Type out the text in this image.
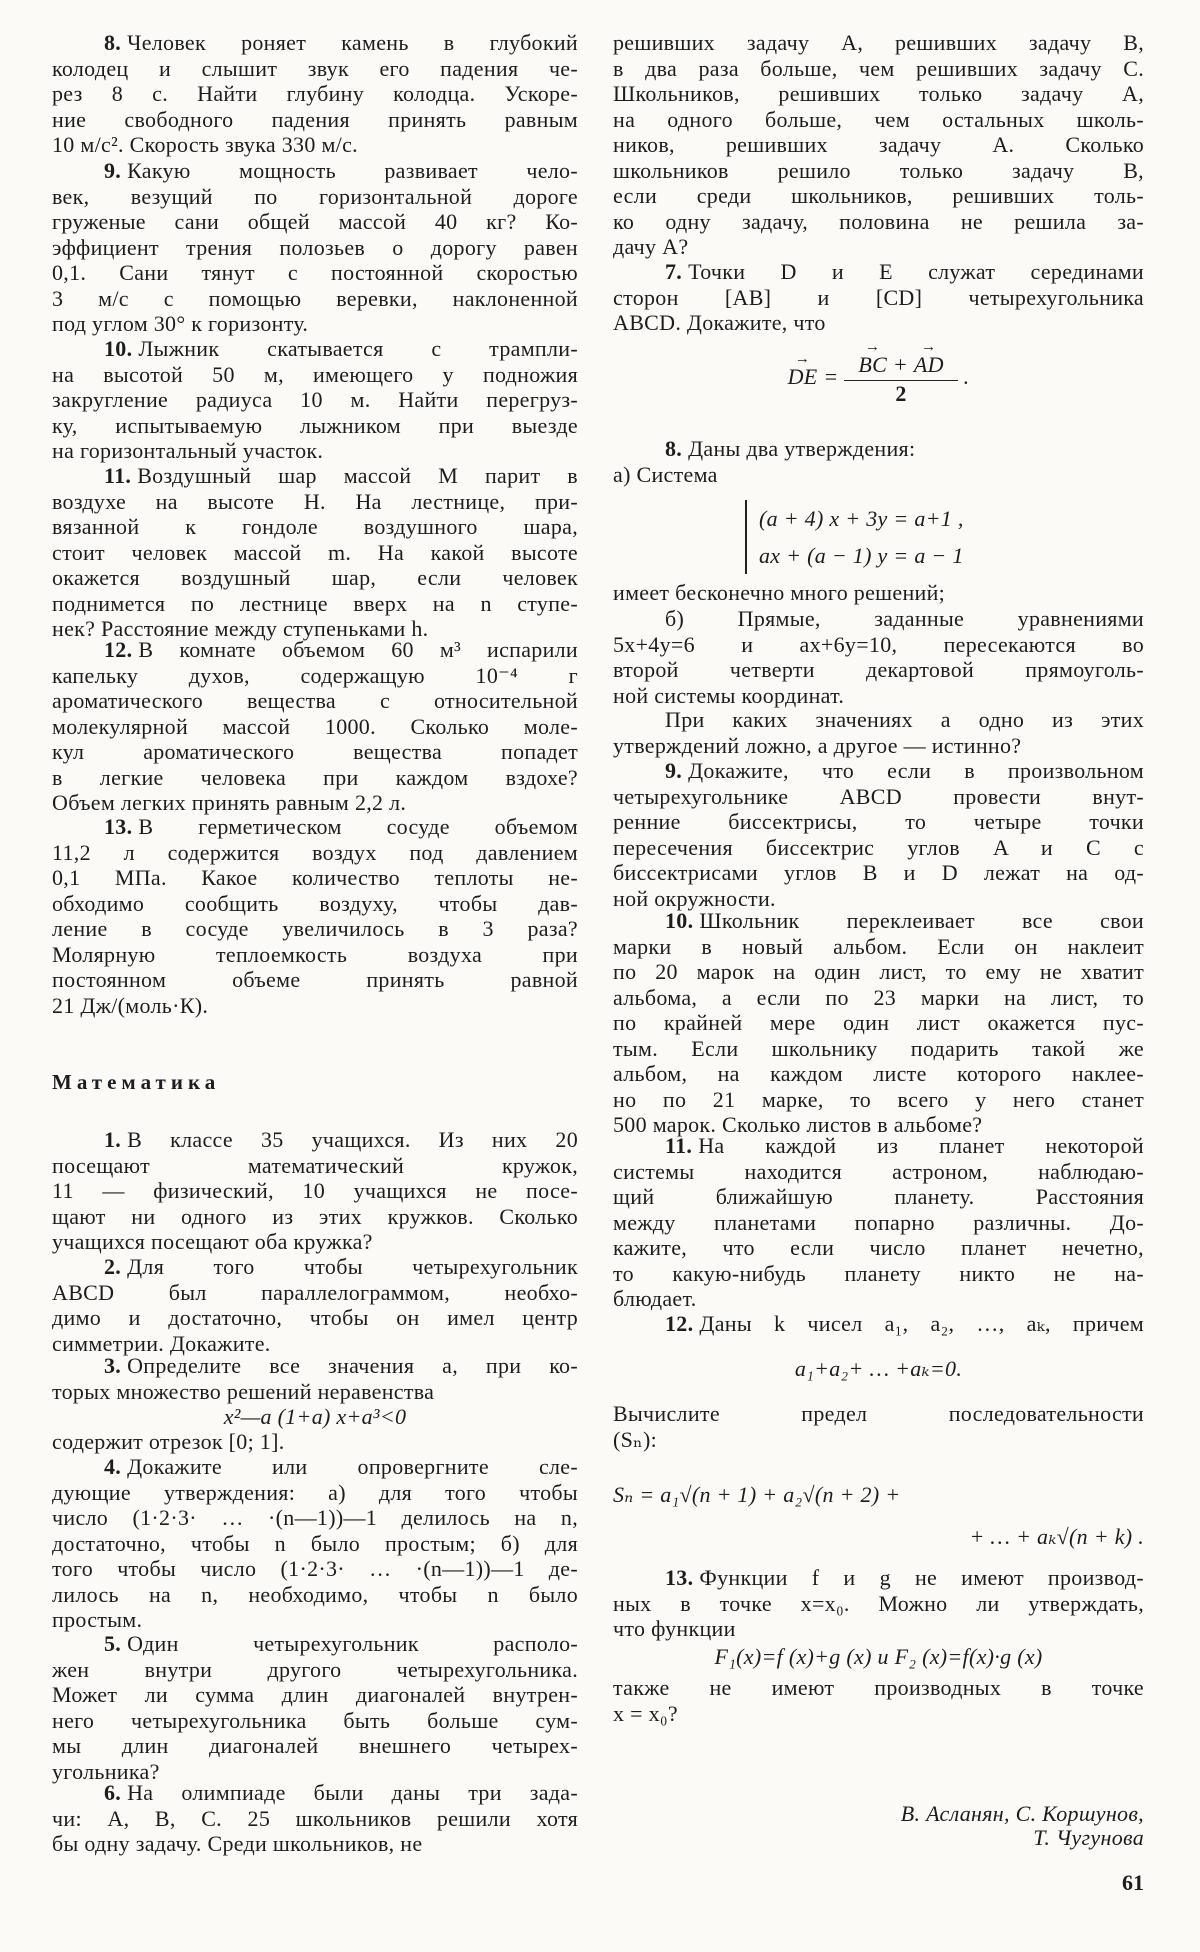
8. Человек роняет камень в глубокий
колодец и слышит звук его падения че-
рез 8 с. Найти глубину колодца. Ускоре-
ние свободного падения принять равным
10 м/с². Скорость звука 330 м/с.
9. Какую мощность развивает чело-
век, везущий по горизонтальной дороге
груженые сани общей массой 40 кг? Ко-
эффициент трения полозьев о дорогу равен
0,1. Сани тянут с постоянной скоростью
3 м/с с помощью веревки, наклоненной
под углом 30° к горизонту.
10. Лыжник скатывается с трампли-
на высотой 50 м, имеющего у подножия
закругление радиуса 10 м. Найти перегруз-
ку, испытываемую лыжником при выезде
на горизонтальный участок.
11. Воздушный шар массой M парит в
воздухе на высоте H. На лестнице, при-
вязанной к гондоле воздушного шара,
стоит человек массой m. На какой высоте
окажется воздушный шар, если человек
поднимется по лестнице вверх на n ступе-
нек? Расстояние между ступеньками h.
12. В комнате объемом 60 м³ испарили
капельку духов, содержащую 10⁻⁴ г
ароматического вещества с относительной
молекулярной массой 1000. Сколько моле-
кул ароматического вещества попадет
в легкие человека при каждом вздохе?
Объем легких принять равным 2,2 л.
13. В герметическом сосуде объемом
11,2 л содержится воздух под давлением
0,1 МПа. Какое количество теплоты не-
обходимо сообщить воздуху, чтобы дав-
ление в сосуде увеличилось в 3 раза?
Молярную теплоемкость воздуха при
постоянном объеме принять равной
21 Дж/(моль·К).
Математика
1. В классе 35 учащихся. Из них 20
посещают математический кружок,
11 — физический, 10 учащихся не посе-
щают ни одного из этих кружков. Сколько
учащихся посещают оба кружка?
2. Для того чтобы четырехугольник
ABCD был параллелограммом, необхо-
димо и достаточно, чтобы он имел центр
симметрии. Докажите.
3. Определите все значения a, при ко-
торых множество решений неравенства
x²—a (1+a) x+a³<0
содержит отрезок [0; 1].
4. Докажите или опровергните сле-
дующие утверждения: а) для того чтобы
число (1·2·3· … ·(n—1))—1 делилось на n,
достаточно, чтобы n было простым; б) для
того чтобы число (1·2·3· … ·(n—1))—1 де-
лилось на n, необходимо, чтобы n было
простым.
5. Один четырехугольник располо-
жен внутри другого четырехугольника.
Может ли сумма длин диагоналей внутрен-
него четырехугольника быть больше сум-
мы длин диагоналей внешнего четырех-
угольника?
6. На олимпиаде были даны три зада-
чи: A, B, C. 25 школьников решили хотя
бы одну задачу. Среди школьников, не
решивших задачу A, решивших задачу B,
в два раза больше, чем решивших задачу C.
Школьников, решивших только задачу A,
на одного больше, чем остальных школь-
ников, решивших задачу A. Сколько
школьников решило только задачу B,
если среди школьников, решивших толь-
ко одну задачу, половина не решила за-
дачу A?
7. Точки D и E служат серединами
сторон [AB] и [CD] четырехугольника
ABCD. Докажите, что
→ DE = → $\frac{BC + \to AD}{2}$ .
8. Даны два утверждения:
а) Система
(a + 4) x + 3y = a+1 ,
ax + (a − 1) y = a − 1
имеет бесконечно много решений;
б) Прямые, заданные уравнениями
5x+4y=6 и ax+6y=10, пересекаются во
второй четверти декартовой прямоуголь-
ной системы координат.
При каких значениях a одно из этих
утверждений ложно, а другое — истинно?
9. Докажите, что если в произвольном
четырехугольнике ABCD провести внут-
ренние биссектрисы, то четыре точки
пересечения биссектрис углов A и C с
биссектрисами углов B и D лежат на од-
ной окружности.
10. Школьник переклеивает все свои
марки в новый альбом. Если он наклеит
по 20 марок на один лист, то ему не хватит
альбома, а если по 23 марки на лист, то
по крайней мере один лист окажется пус-
тым. Если школьнику подарить такой же
альбом, на каждом листе которого наклее-
но по 21 марке, то всего у него станет
500 марок. Сколько листов в альбоме?
11. На каждой из планет некоторой
системы находится астроном, наблюдаю-
щий ближайшую планету. Расстояния
между планетами попарно различны. До-
кажите, что если число планет нечетно,
то какую-нибудь планету никто не на-
блюдает.
12. Даны k чисел a₁, a₂, …, aₖ, причем
a₁+a₂+ … +aₖ=0.
Вычислите предел последовательности
(Sₙ):
Sₙ = a₁√(n + 1) + a₂√(n + 2) +
+ … + aₖ√(n + k) .
13. Функции f и g не имеют производ-
ных в точке x=x₀. Можно ли утверждать,
что функции
F₁(x)=f (x)+g (x) и F₂ (x)=f(x)·g (x)
также не имеют производных в точке
x = x₀?
В. Асланян, С. Коршунов,
Т. Чугунова
61
